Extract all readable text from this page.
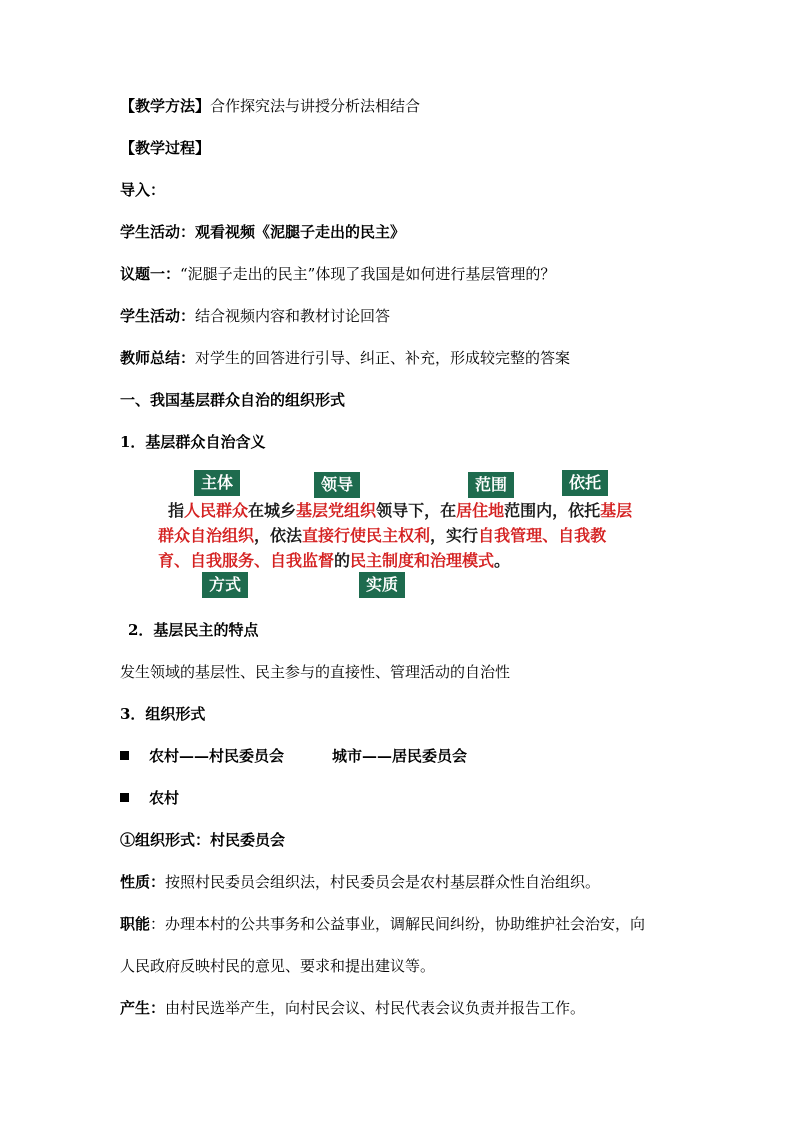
【教学方法】合作探究法与讲授分析法相结合
【教学过程】
导入：
学生活动：观看视频《泥腿子走出的民主》
议题一：“泥腿子走出的民主”体现了我国是如何进行基层管理的？
学生活动：结合视频内容和教材讨论回答
教师总结：对学生的回答进行引导、纠正、补充，形成较完整的答案
一、我国基层群众自治的组织形式
1．基层群众自治含义
主体	领导	范围	依托
指人民群众在城乡基层党组织领导下，在居住地范围内，依托基层群众自治组织，依法直接行使民主权利，实行自我管理、自我教育、自我服务、自我监督的民主制度和治理模式。
方式	实质
2．基层民主的特点
发生领域的基层性、民主参与的直接性、管理活动的自治性
3．组织形式
农村——村民委员会	城市——居民委员会
农村
①组织形式：村民委员会
性质：按照村民委员会组织法，村民委员会是农村基层群众性自治组织。
职能：办理本村的公共事务和公益事业，调解民间纠纷，协助维护社会治安，向
人民政府反映村民的意见、要求和提出建议等。
产生：由村民选举产生，向村民会议、村民代表会议负责并报告工作。
